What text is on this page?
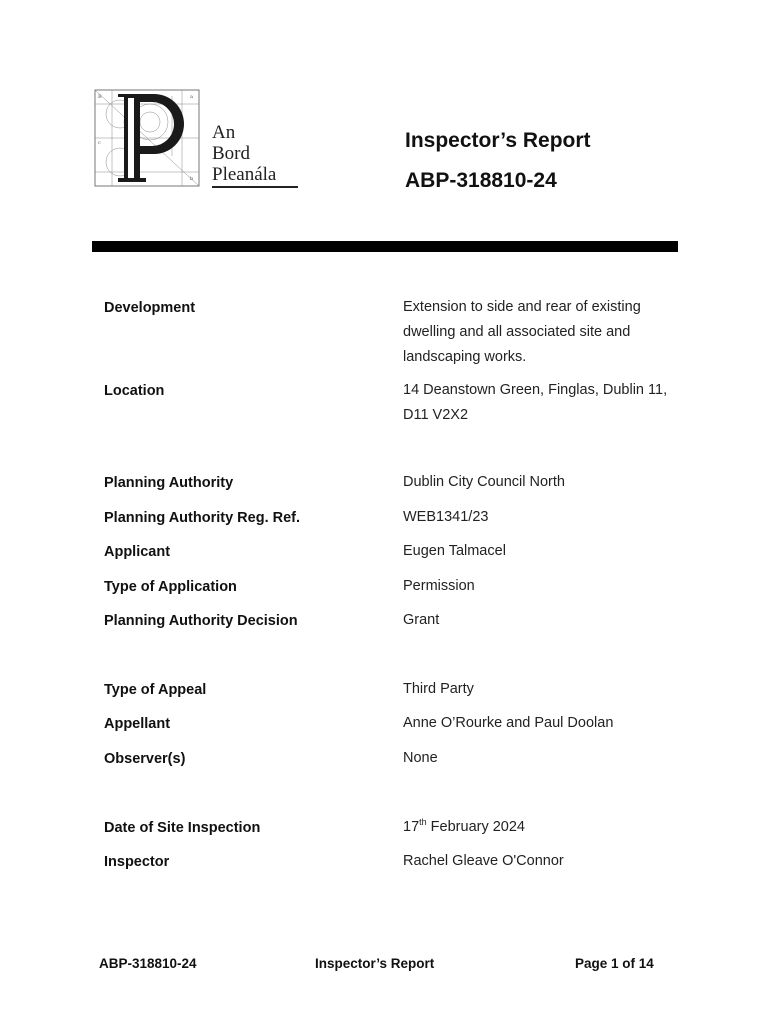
B	a
c
b
An
Bord
Pleanála
Inspector’s Report
ABP-318810-24
Development	Extension to side and rear of existing dwelling and all associated site and landscaping works.
Location	14 Deanstown Green, Finglas, Dublin 11, D11 V2X2
Planning Authority	Dublin City Council North
Planning Authority Reg. Ref.	WEB1341/23
Applicant	Eugen Talmacel
Type of Application	Permission
Planning Authority Decision	Grant
Type of Appeal	Third Party
Appellant	Anne O’Rourke and Paul Doolan
Observer(s)	None
Date of Site Inspection	17th February 2024
Inspector	Rachel Gleave O'Connor
ABP-318810-24	Inspector’s Report	Page 1 of 14
